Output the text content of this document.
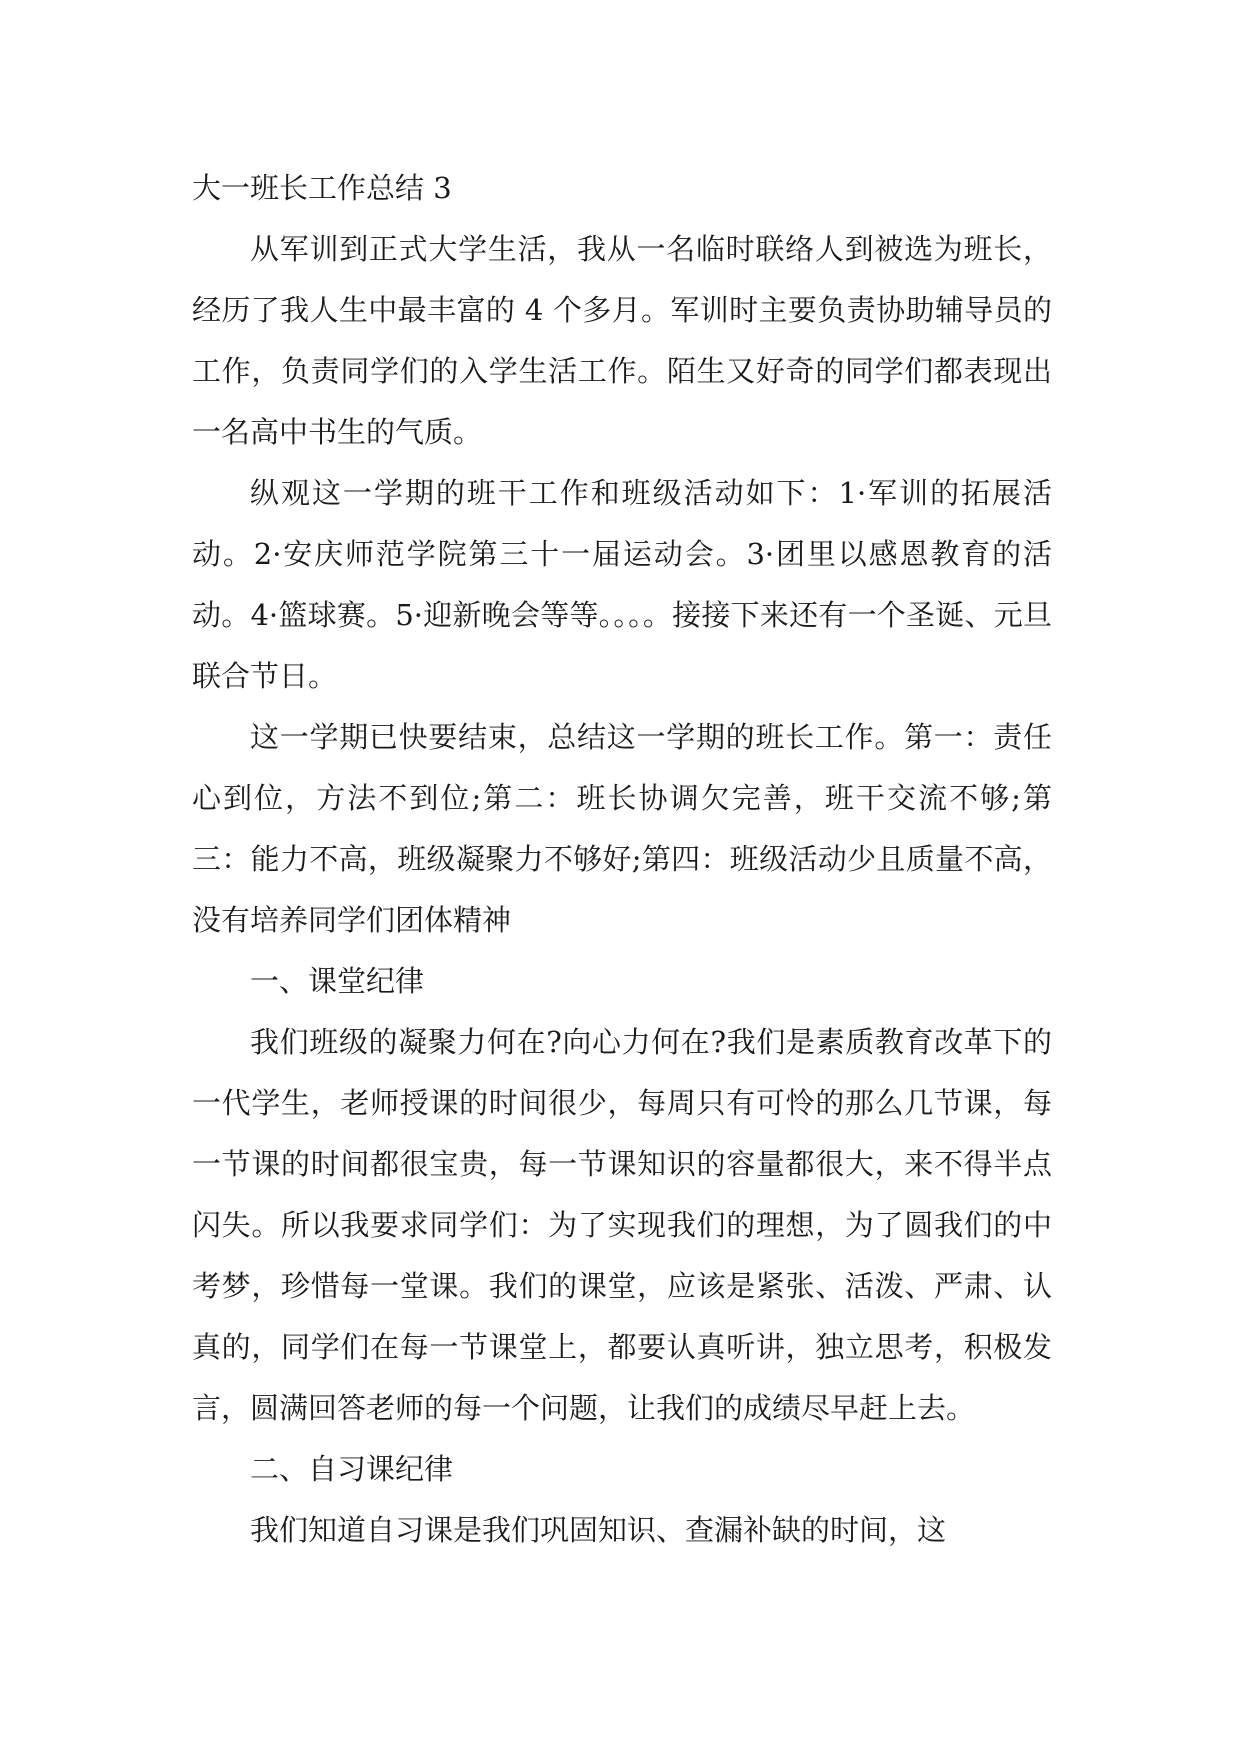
大一班长工作总结 3

从军训到正式大学生活，我从一名临时联络人到被选为班长，经历了我人生中最丰富的 4 个多月。军训时主要负责协助辅导员的工作，负责同学们的入学生活工作。陌生又好奇的同学们都表现出一名高中书生的气质。

纵观这一学期的班干工作和班级活动如下：1·军训的拓展活动。2·安庆师范学院第三十一届运动会。3·团里以感恩教育的活动。4·篮球赛。5·迎新晚会等等。。。。接接下来还有一个圣诞、元旦联合节日。

这一学期已快要结束，总结这一学期的班长工作。第一：责任心到位，方法不到位;第二：班长协调欠完善，班干交流不够;第三：能力不高，班级凝聚力不够好;第四：班级活动少且质量不高，没有培养同学们团体精神

一、课堂纪律

我们班级的凝聚力何在?向心力何在?我们是素质教育改革下的一代学生，老师授课的时间很少，每周只有可怜的那么几节课，每一节课的时间都很宝贵，每一节课知识的容量都很大，来不得半点闪失。所以我要求同学们：为了实现我们的理想，为了圆我们的中考梦，珍惜每一堂课。我们的课堂，应该是紧张、活泼、严肃、认真的，同学们在每一节课堂上，都要认真听讲，独立思考，积极发言，圆满回答老师的每一个问题，让我们的成绩尽早赶上去。

二、自习课纪律

我们知道自习课是我们巩固知识、查漏补缺的时间，这
